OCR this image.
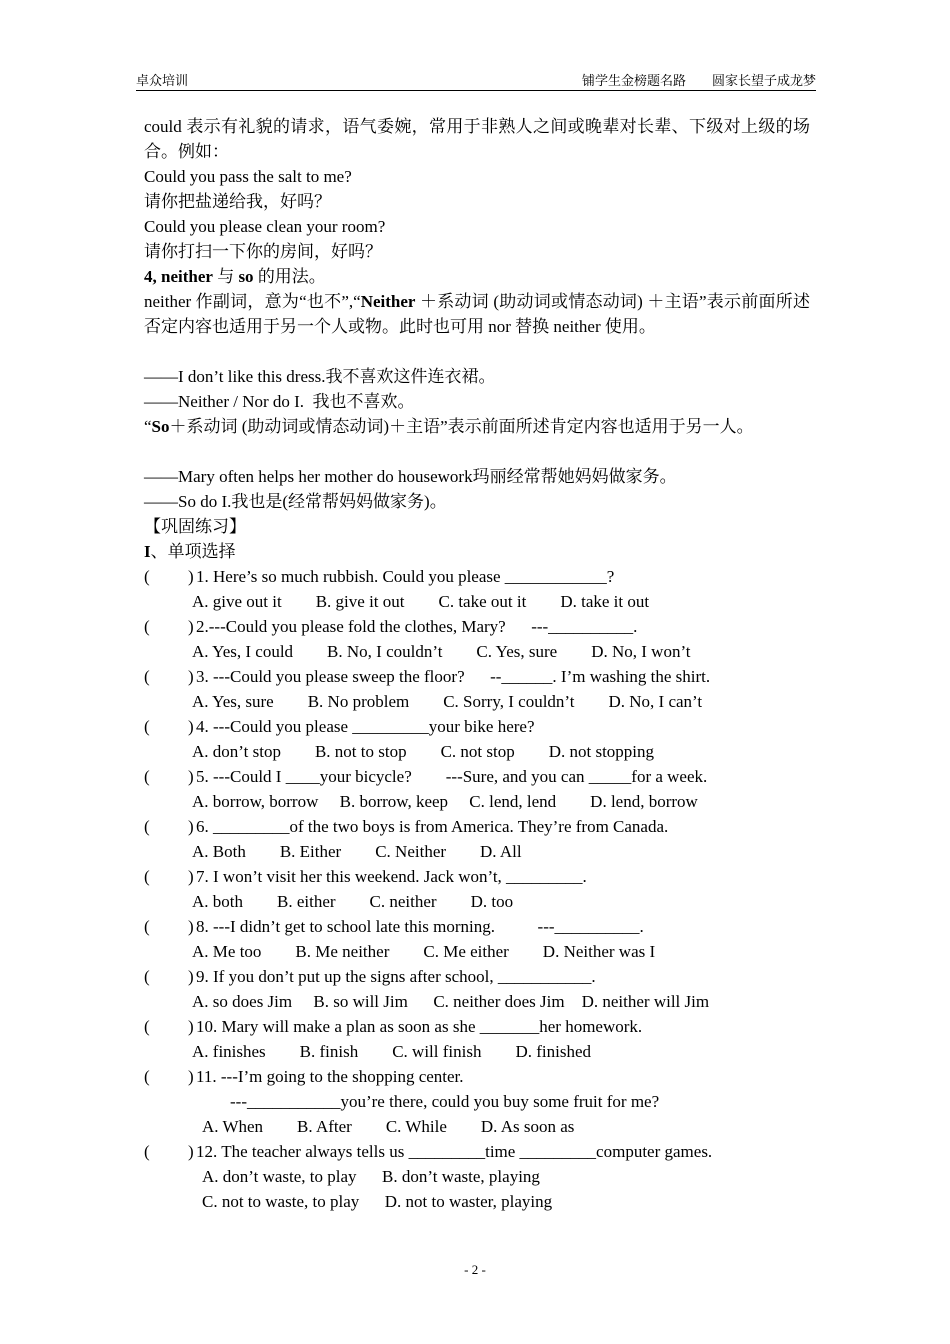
卓众培训	铺学生金榜题名路　　圆家长望子成龙梦
could 表示有礼貌的请求，语气委婉，常用于非熟人之间或晚辈对长辈、下级对上级的场合。例如：
Could you pass the salt to me?
请你把盐递给我，好吗？
Could you please clean your room?
请你打扫一下你的房间，好吗？
4, neither 与 so 的用法。
neither 作副词，意为“也不”,“Neither ＋系动词 (助动词或情态动词) ＋主语”表示前面所述否定内容也适用于另一个人或物。此时也可用 nor 替换 neither 使用。
——I don’t like this dress.我不喜欢这件连衣裙。
——Neither / Nor do I.  我也不喜欢。
“So＋系动词 (助动词或情态动词)＋主语”表示前面所述肯定内容也适用于另一人。
——Mary often helps her mother do housework玛丽经常帮她妈妈做家务。
——So do I.我也是(经常帮妈妈做家务)。
【巩固练习】
I、单项选择
( ) 1. Here’s so much rubbish. Could you please ____________?
A. give out it        B. give it out        C. take out it        D. take it out
( ) 2.---Could you please fold the clothes, Mary?      ---__________.
A. Yes, I could        B. No, I couldn’t        C. Yes, sure        D. No, I won’t
( ) 3. ---Could you please sweep the floor?      --______. I’m washing the shirt.
A. Yes, sure        B. No problem        C. Sorry, I couldn’t        D. No, I can’t
( ) 4. ---Could you please _________your bike here?
A. don’t stop        B. not to stop        C. not stop        D. not stopping
( ) 5. ---Could I ____your bicycle?        ---Sure, and you can _____for a week.
A. borrow, borrow     B. borrow, keep     C. lend, lend        D. lend, borrow
( ) 6. _________of the two boys is from America. They’re from Canada.
A. Both        B. Either        C. Neither        D. All
( ) 7. I won’t visit her this weekend. Jack won’t, _________.
A. both        B. either        C. neither        D. too
( ) 8. ---I didn’t get to school late this morning.          ---__________.
A. Me too        B. Me neither        C. Me either        D. Neither was I
( ) 9. If you don’t put up the signs after school, ___________.
A. so does Jim     B. so will Jim      C. neither does Jim    D. neither will Jim
( ) 10. Mary will make a plan as soon as she _______her homework.
A. finishes        B. finish        C. will finish        D. finished
( ) 11. ---I’m going to the shopping center.
---___________you’re there, could you buy some fruit for me?
A. When        B. After        C. While        D. As soon as
( ) 12. The teacher always tells us _________time _________computer games.
A. don’t waste, to play      B. don’t waste, playing
C. not to waste, to play      D. not to waster, playing
- 2 -
